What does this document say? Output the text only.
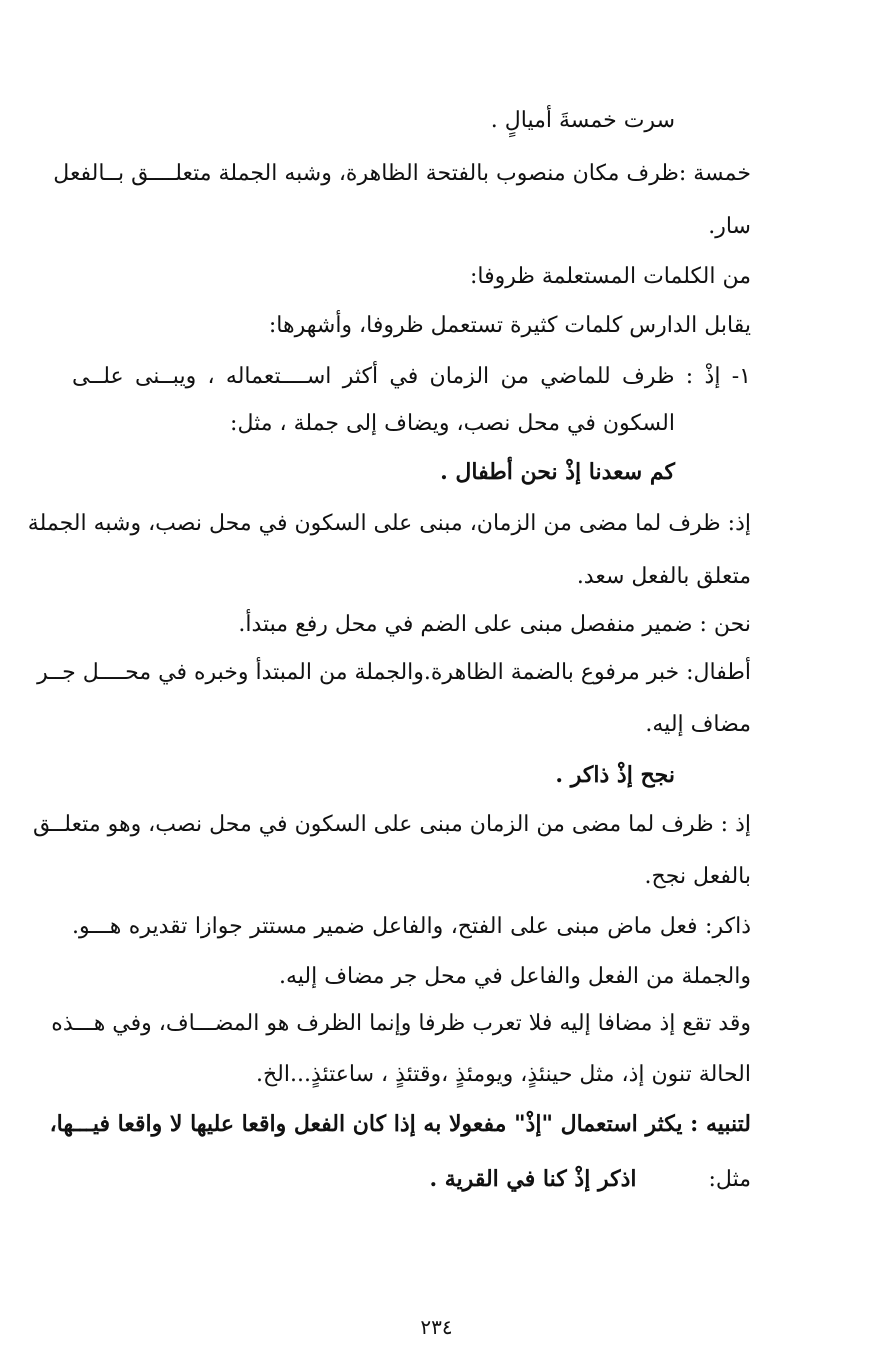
سرت خمسةَ أميالٍ .
خمسة :ظرف مكان منصوب بالفتحة الظاهرة، وشبه الجملة متعلــــق بــالفعل
سار.
من الكلمات المستعلمة ظروفا:
يقابل الدارس كلمات كثيرة تستعمل ظروفا، وأشهرها:
١- إذْ : ظرف للماضي من الزمان في أكثر اســــتعماله ، ويبــنى علــى
السكون في محل نصب، ويضاف إلى جملة ، مثل:
كم سعدنا إذْ نحن أطفال .
إذ: ظرف لما مضى من الزمان، مبنى على السكون في محل نصب، وشبه الجملة
متعلق بالفعل سعد.
نحن : ضمير منفصل مبنى على الضم في محل رفع مبتدأ.
أطفال: خبر مرفوع بالضمة الظاهرة.والجملة من المبتدأ وخبره في محــــل جــر
مضاف إليه.
نجح إذْ ذاكر .
إذ : ظرف لما مضى من الزمان مبنى على السكون في محل نصب، وهو متعلــق
بالفعل نجح.
ذاكر: فعل ماض مبنى على الفتح، والفاعل ضمير مستتر جوازا تقديره هـــو.
والجملة من الفعل والفاعل في محل جر مضاف إليه.
وقد تقع إذ مضافا إليه فلا تعرب ظرفا وإنما الظرف هو المضـــاف، وفي هـــذه
الحالة تنون إذ، مثل حينئذٍ، ويومئذٍ ،وقتئذٍ ، ساعتئذٍ...الخ.
لتنبيه : يكثر استعمال "إذْ" مفعولا به إذا كان الفعل واقعا عليها لا واقعا فيـــها،
مثل:  اذكر إذْ كنا في القرية .
٢٣٤
